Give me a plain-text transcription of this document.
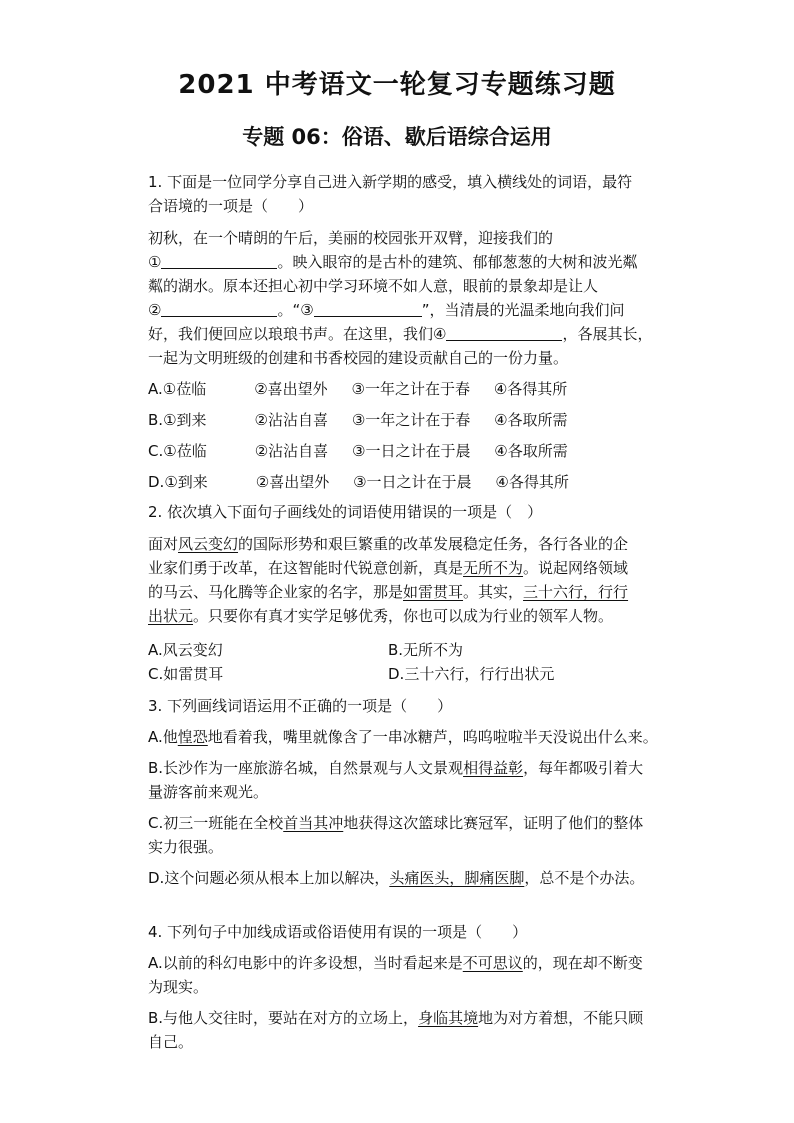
2021 中考语文一轮复习专题练习题
专题 06：俗语、歇后语综合运用

1. 下面是一位同学分享自己进入新学期的感受，填入横线处的词语，最符
合语境的一项是（　　）

初秋，在一个晴朗的午后，美丽的校园张开双臂，迎接我们的
①	。映入眼帘的是古朴的建筑、郁郁葱葱的大树和波光粼
粼的湖水。原本还担心初中学习环境不如人意，眼前的景象却是让人
②	。“③	”，当清晨的光温柔地向我们问
好，我们便回应以琅琅书声。在这里，我们④	，各展其长，
一起为文明班级的创建和书香校园的建设贡献自己的一份力量。

A.①莅临	②喜出望外 ③一年之计在于春 ④各得其所
B.①到来	②沾沾自喜 ③一年之计在于春 ④各取所需
C.①莅临	②沾沾自喜 ③一日之计在于晨 ④各取所需
D.①到来	②喜出望外 ③一日之计在于晨 ④各得其所

2. 依次填入下面句子画线处的词语使用错误的一项是（　）

面对风云变幻的国际形势和艰巨繁重的改革发展稳定任务，各行各业的企
业家们勇于改革，在这智能时代锐意创新，真是无所不为。说起网络领域
的马云、马化腾等企业家的名字，那是如雷贯耳。其实，三十六行，行行
出状元。只要你有真才实学足够优秀，你也可以成为行业的领军人物。

A.风云变幻	B.无所不为
C.如雷贯耳	D.三十六行，行行出状元

3. 下列画线词语运用不正确的一项是（　　）

A.他惶恐地看着我，嘴里就像含了一串冰糖芦，呜呜啦啦半天没说出什么来。

B.长沙作为一座旅游名城，自然景观与人文景观相得益彰，每年都吸引着大
量游客前来观光。

C.初三一班能在全校首当其冲地获得这次篮球比赛冠军，证明了他们的整体
实力很强。

D.这个问题必须从根本上加以解决，头痛医头，脚痛医脚，总不是个办法。

4. 下列句子中加线成语或俗语使用有误的一项是（　　）

A.以前的科幻电影中的许多设想，当时看起来是不可思议的，现在却不断变
为现实。

B.与他人交往时，要站在对方的立场上，身临其境地为对方着想，不能只顾
自己。
